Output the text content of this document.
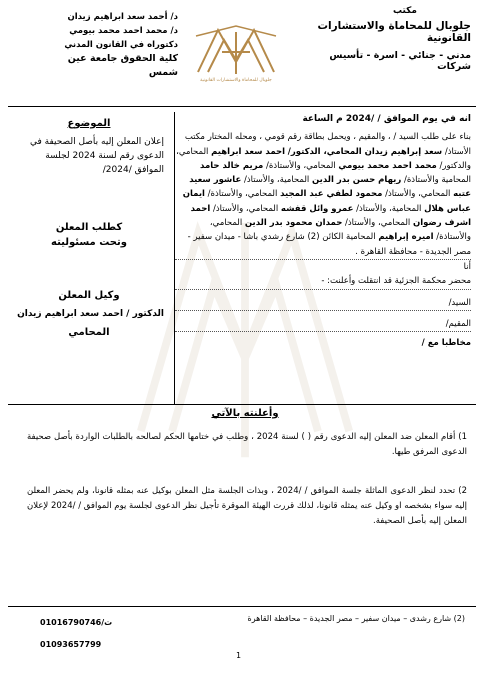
مكتب
جلوبال للمحاماة والاستشارات القانونية
مدني - جنائي - اسرة - تأسيس شركات
جلوبال للمحاماة والاستشارات القانونية
د/ أحمد سعد ابراهيم زيدان
د/ محمد احمد محمد بيومي
دكتوراه في القانون المدني
كلية الحقوق جامعة عين شمس
الموضوع
إعلان المعلن إليه بأصل الصحيفة في الدعوى رقم لسنة 2024 لجلسة الموافق /2024/
كطلب المعلن
وتحت مسئوليته
وكيل المعلن
الدكتور / احمد سعد ابراهيم زيدان
المحامي
انه في يوم الموافق / /2024 م الساعة
بناء على طلب السيد / ، والمقيم ، ويحمل بطاقة رقم قومي ، ومحله المختار مكتب الأستاذ/ سعد إبراهيم زيدان المحامي، الدكتور/ احمد سعد ابراهيم المحامي، والدكتور/ محمد احمد محمد بيومي المحامي، والأستاذة/ مريم خالد حامد المحامية والأستاذة/ ريهام حسن بدر الدين المحامية، والأستاذ/ عاشور سعيد عتبه المحامي، والأستاذ/ محمود لطفي عبد المجيد المحامي، والأستاذة/ ايمان عباس هلال المحامية، والأستاذ/ عمرو وائل قفشه المحامي، والأستاذ/ احمد اشرف رضوان المحامي، والأستاذ/ حمدان محمود بدر الدين المحامي، والأستاذة/ اميره إبراهيم المحامية الكائن (2) شارع رشدي باشا - ميدان سفير - مصر الجديدة - محافظة القاهرة .
أنا
محضر محكمة الجزئية قد انتقلت وأعلنت: -
السيد/
المقيم/
مخاطبا مع /
وأعلنته بالآتي
1) أقام المعلن ضد المعلن إليه الدعوى رقم ( ) لسنة 2024 ، وطلب في ختامها الحكم لصالحه بالطلبات الواردة بأصل صحيفة الدعوى المرفق طيها.
2) تحدد لنظر الدعوى الماثلة جلسة الموافق / /2024 ، وبذات الجلسة مثل المعلن بوكيل عنه بمثله قانونا، ولم يحضر المعلن إليه سواء بشخصه او وكيل عنه يمثله قانونا، لذلك قررت الهيئة الموقرة تأجيل نظر الدعوى لجلسة يوم الموافق / /2024 لإعلان المعلن إليه بأصل الصحيفة.
(2) شارع رشدى – ميدان سفير – مصر الجديدة – محافظة القاهرة
ت/01016790746
01093657799
1
